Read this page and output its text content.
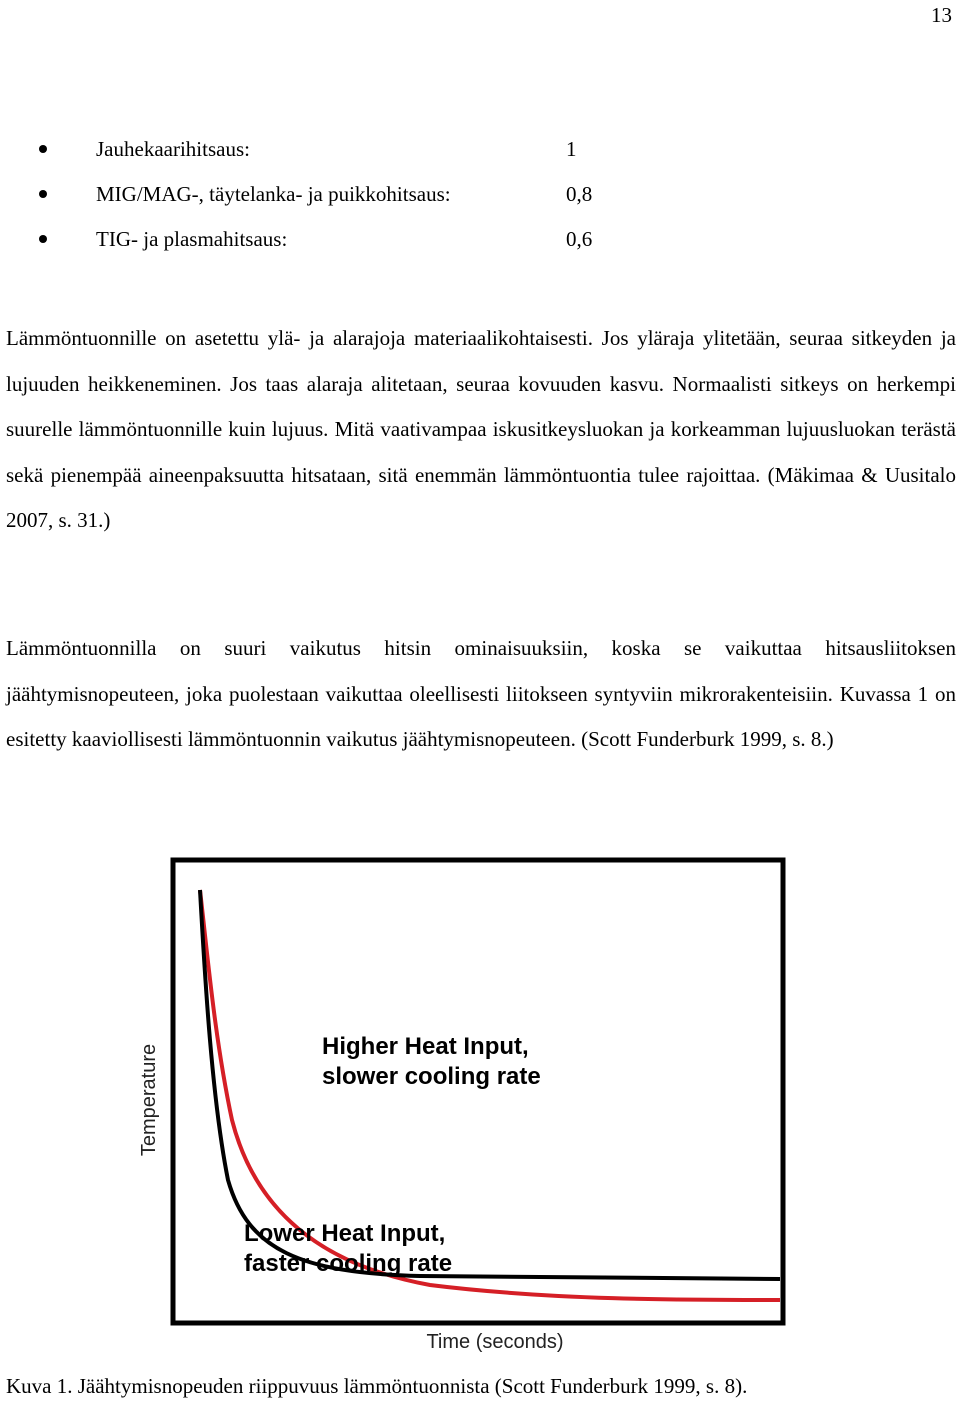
13
Jauhekaarihitsaus:	1
MIG/MAG-, täytelanka- ja puikkohitsaus:	0,8
TIG- ja plasmahitsaus:	0,6

Lämmöntuonnille on asetettu ylä- ja alarajoja materiaalikohtaisesti. Jos yläraja ylitetään, seuraa sitkeyden ja lujuuden heikkeneminen. Jos taas alaraja alitetaan, seuraa kovuuden kasvu. Normaalisti sitkeys on herkempi suurelle lämmöntuonnille kuin lujuus. Mitä vaativampaa iskusitkeysluokan ja korkeamman lujuusluokan terästä sekä pienempää aineenpaksuutta hitsataan, sitä enemmän lämmöntuontia tulee rajoittaa. (Mäkimaa & Uusitalo 2007, s. 31.)

Lämmöntuonnilla on suuri vaikutus hitsin ominaisuuksiin, koska se vaikuttaa hitsausliitoksen jäähtymisnopeuteen, joka puolestaan vaikuttaa oleellisesti liitokseen syntyviin mikrorakenteisiin. Kuvassa 1 on esitetty kaaviollisesti lämmöntuonnin vaikutus jäähtymisnopeuteen. (Scott Funderburk 1999, s. 8.)

Higher Heat Input,
slower cooling rate
Lower Heat Input,
faster cooling rate
Temperature
Time (seconds)
Kuva 1. Jäähtymisnopeuden riippuvuus lämmöntuonnista (Scott Funderburk 1999, s. 8).
